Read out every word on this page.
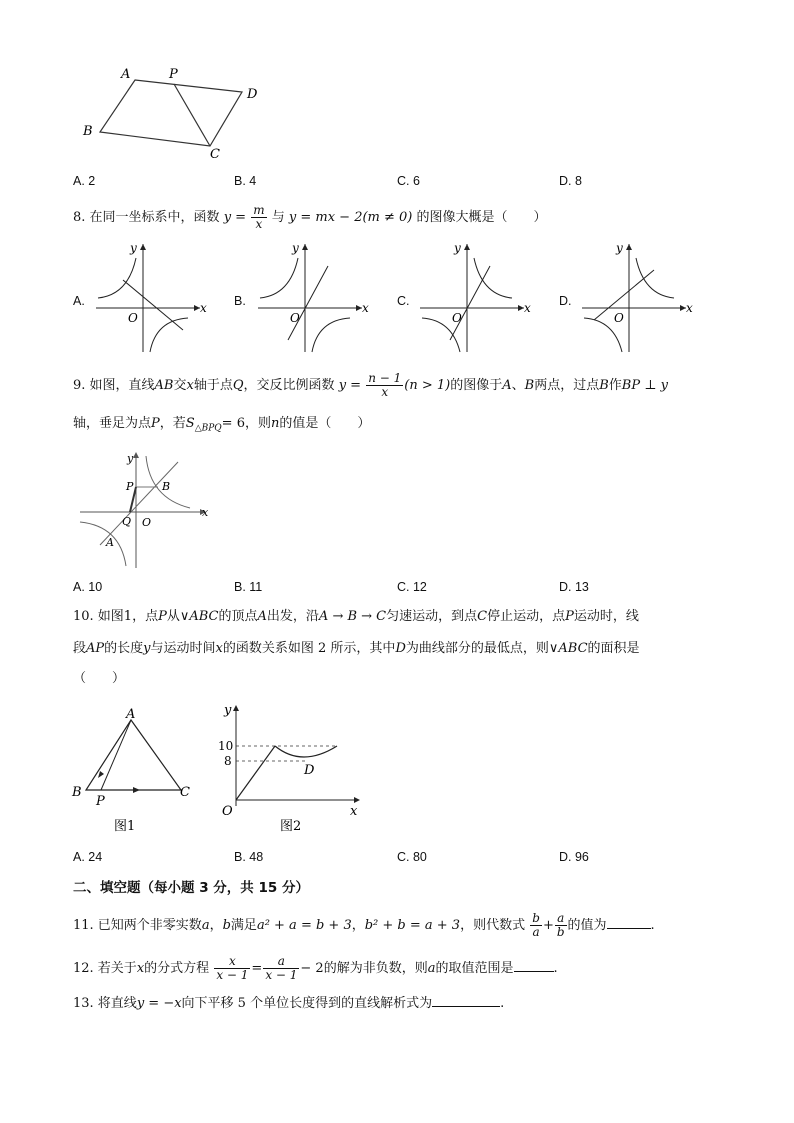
A	P
D
B
C
A. 2	B. 4	C. 6	D. 8
8. 在同一坐标系中，函数 $y = \frac{m}{x}$ 与 y = mx − 2(m ≠ 0) 的图像大概是（　　）
A.	x
y
O
B.	x
y
O
C.	x
y
O
D.	x
y
O
9. 如图，直线AB交x轴于点Q，交反比例函数 $y = \frac{n - 1}{x} (n > 1)$的图像于A、B两点，过点B作BP ⊥ y
轴，垂足为点P，若$S_{\triangle BPQ}= 6$，则n的值是（　　）
y
P	B
Q O
A
x
A. 10	B. 11	C. 12	D. 13
10. 如图1，点P从∨ABC的顶点A出发，沿A → B → C匀速运动，到点C停止运动，点P运动时，线
段AP的长度y与运动时间x的函数关系如图 2 所示，其中D为曲线部分的最低点，则∨ABC的面积是
（　　）
A
B
P
C
图1
y
10
8
D
O	x
图2
A. 24	B. 48	C. 80	D. 96
二、填空题（每小题 3 分，共 15 分）
11. 已知两个非零实数a，b满足a² + a = b + 3，b² + b = a + 3，则代数式 $\frac{b}{a} + \frac{a}{b}$ 的值为	.
12. 若关于x的分式方程 $\frac{x}{x - 1} = \frac{a}{x - 1} - 2$的解为非负数，则a的取值范围是	.
13. 将直线y = −x向下平移 5 个单位长度得到的直线解析式为	.
